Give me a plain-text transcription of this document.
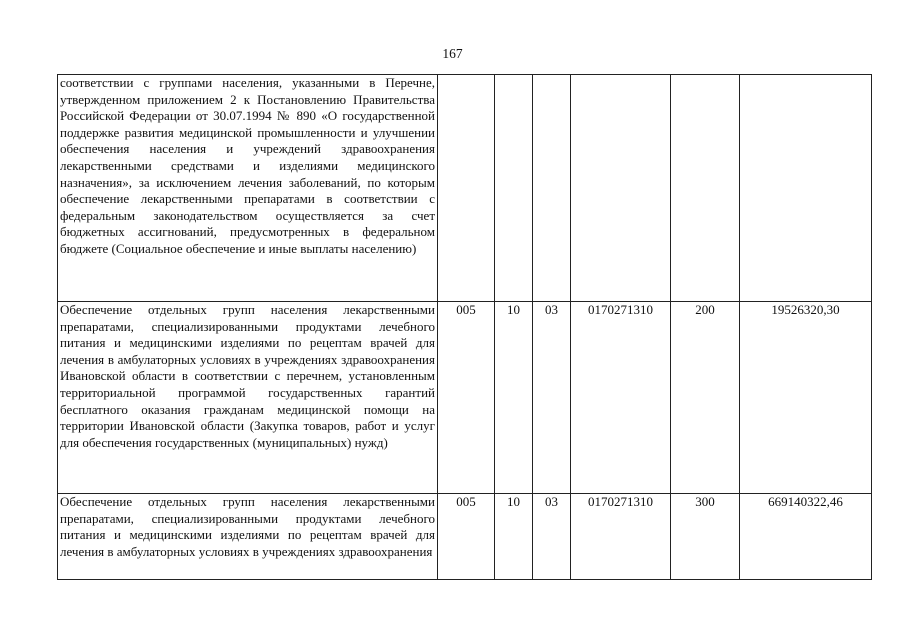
167
соответствии с группами населения, указанными в Перечне, утвержденном приложением 2 к Постановлению Правительства Российской Федерации от 30.07.1994 № 890 «О государственной поддержке развития медицинской промышленности и улучшении обеспечения населения и учреждений здравоохранения лекарственными средствами и изделиями медицинского назначения», за исключением лечения заболеваний, по которым обеспечение лекарственными препаратами в соответствии с федеральным законодательством осуществляется за счет бюджетных ассигнований, предусмотренных в федеральном бюджете (Социальное обеспечение и иные выплаты населению)						
Обеспечение отдельных групп населения лекарственными препаратами, специализированными продуктами лечебного питания и медицинскими изделиями по рецептам врачей для лечения в амбулаторных условиях в учреждениях здравоохранения Ивановской области в соответствии с перечнем, установленным территориальной программой государственных гарантий бесплатного оказания гражданам медицинской помощи на территории Ивановской области (Закупка товаров, работ и услуг для обеспечения государственных (муниципальных) нужд)	005	10	03	0170271310	200	19526320,30
Обеспечение отдельных групп населения лекарственными препаратами, специализированными продуктами лечебного питания и медицинскими изделиями по рецептам врачей для лечения в амбулаторных условиях в учреждениях здравоохранения	005	10	03	0170271310	300	669140322,46
